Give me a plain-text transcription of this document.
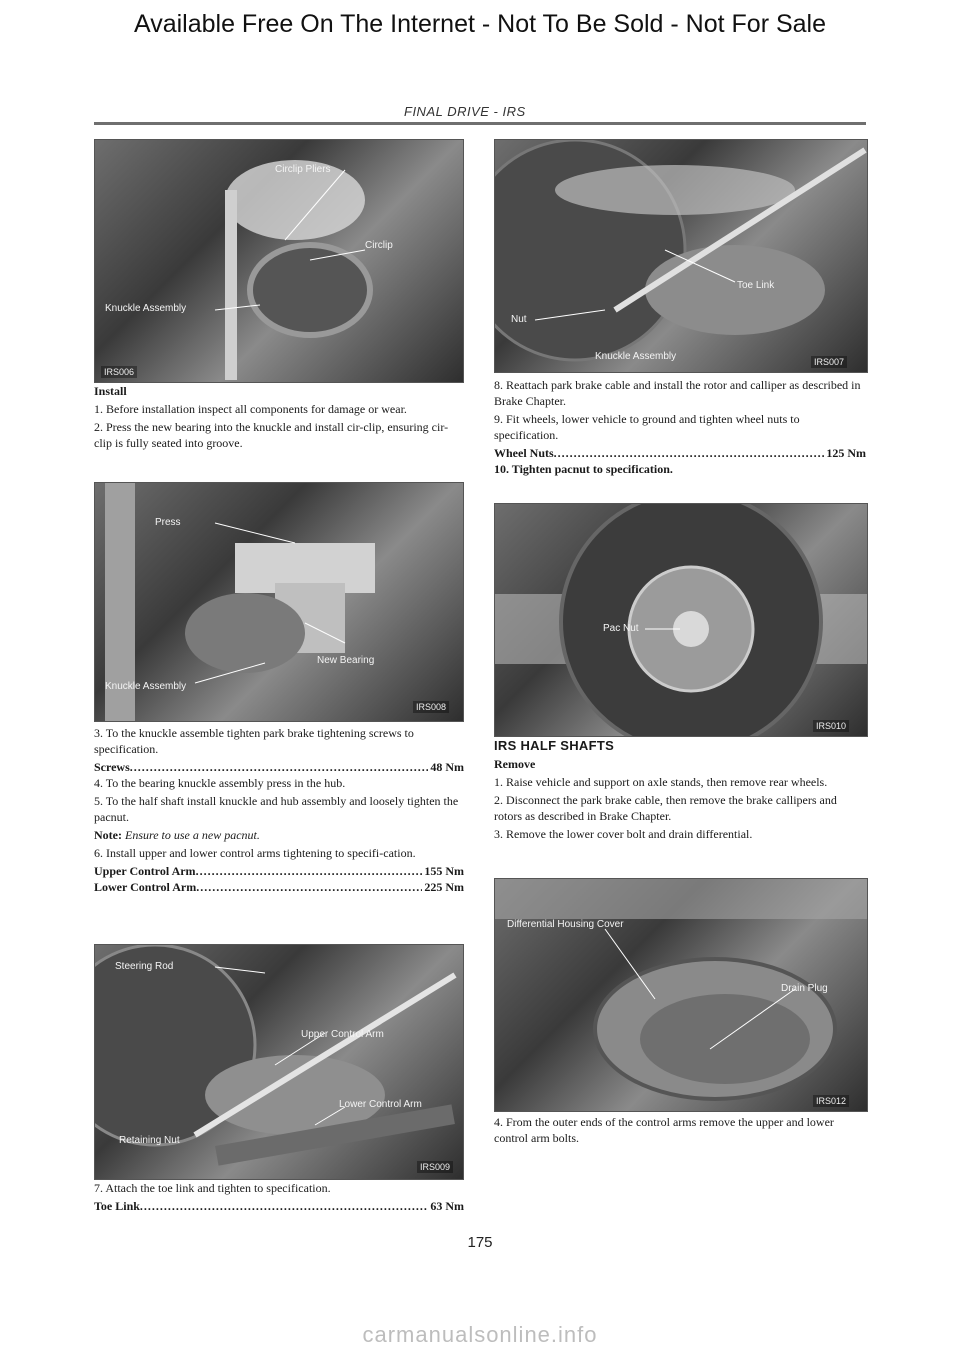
Available Free On The Internet - Not To Be Sold - Not For Sale
FINAL DRIVE - IRS
Circlip Pliers
Circlip
Knuckle Assembly
IRS006
Toe Link
Nut
Knuckle Assembly	IRS007

Install

1. Before installation inspect all components for damage or wear.

2. Press the new bearing into the knuckle and install cir-clip, ensuring cir-clip is fully seated into groove.

Press
New Bearing
Knuckle Assembly
IRS008

3. To the knuckle assemble tighten park brake tightening screws to specification.

Screws .....	48 Nm

4. To the bearing knuckle assembly press in the hub.

5. To the half shaft install knuckle and hub assembly and loosely tighten the pacnut.

Note: Ensure to use a new pacnut.

6. Install upper and lower control arms tightening to specifi-cation.

Upper Control Arm .....	155 Nm
Lower Control Arm .....	225 Nm
Steering Rod
Upper Control Arm
Lower Control Arm
Retaining Nut
IRS009

7. Attach the toe link and tighten to specification.

Toe Link .....	63 Nm

8. Reattach park brake cable and install the rotor and calliper as described in Brake Chapter.

9. Fit wheels, lower vehicle to ground and tighten wheel nuts to specification.

Wheel Nuts .....	125 Nm

10. Tighten pacnut to specification.

Pac Nut
IRS010

IRS HALF SHAFTS

Remove

1. Raise vehicle and support on axle stands, then remove rear wheels.

2. Disconnect the park brake cable, then remove the brake callipers and rotors as described in Brake Chapter.

3. Remove the lower cover bolt and drain differential.

Differential Housing Cover
Drain Plug
IRS012

4. From the outer ends of the control arms remove the upper and lower control arm bolts.

175
carmanualsonline.info
